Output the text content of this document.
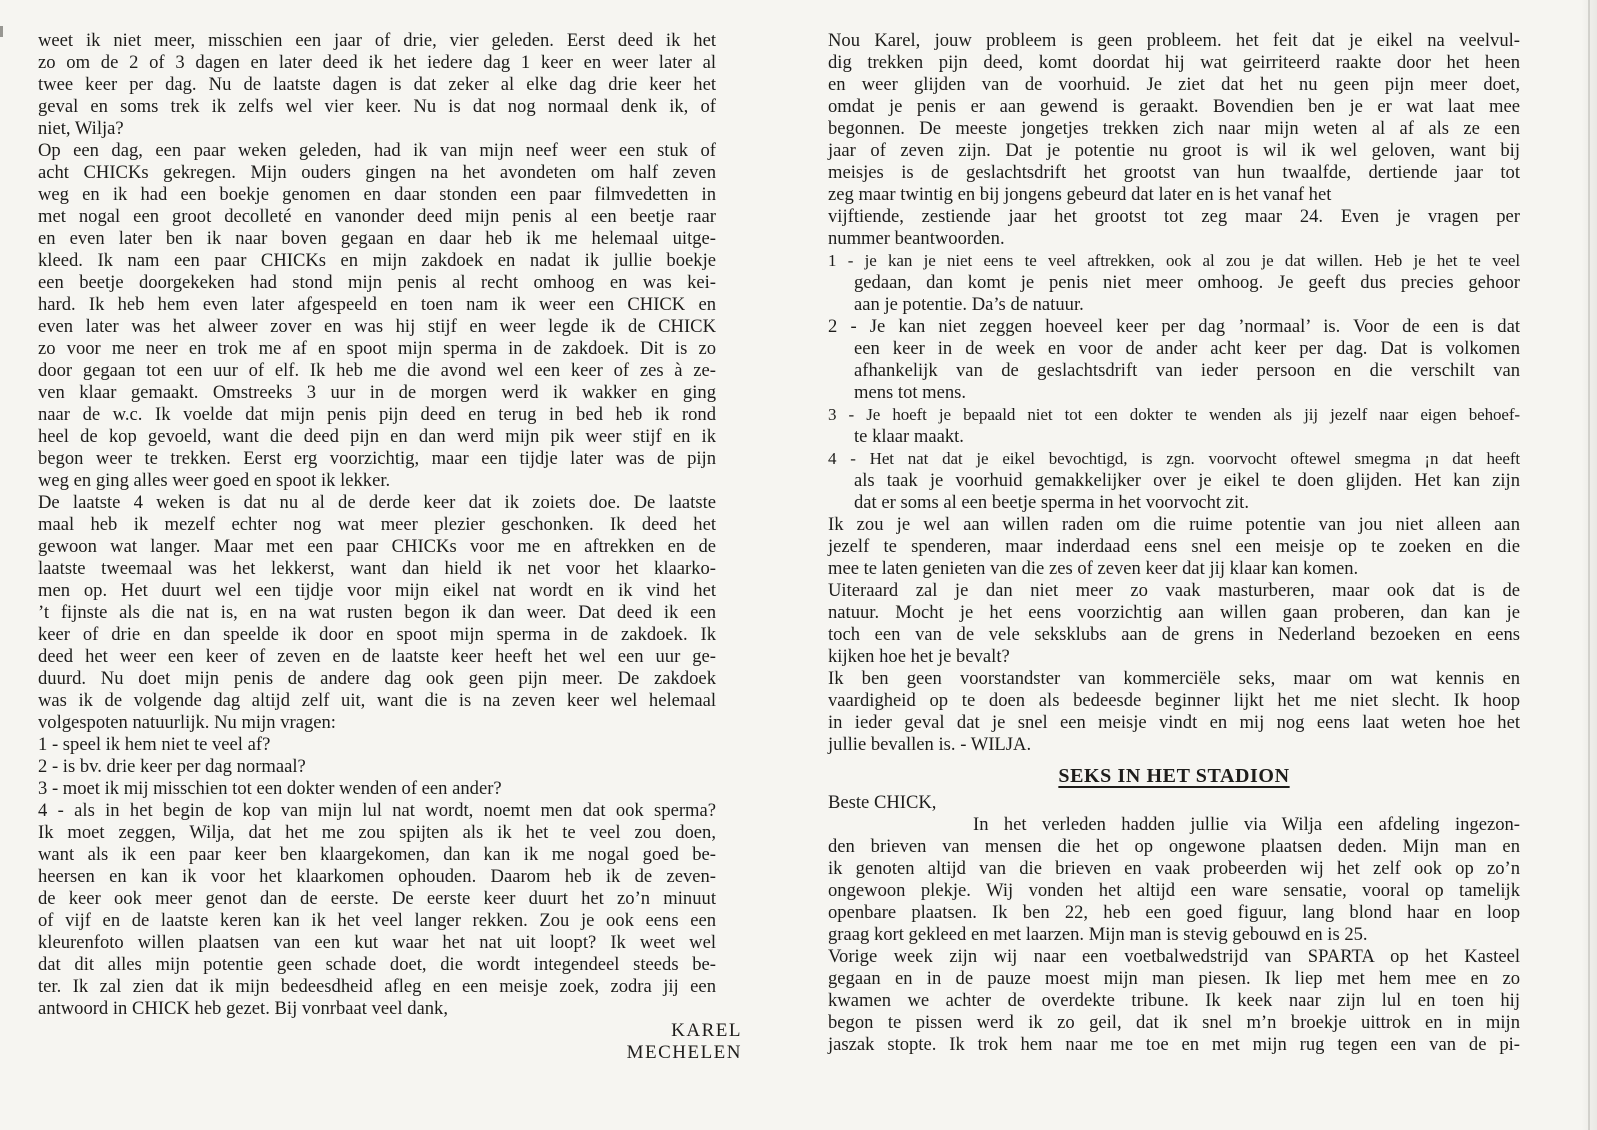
weet ik niet meer, misschien een jaar of drie, vier geleden. Eerst deed ik het
zo om de 2 of 3 dagen en later deed ik het iedere dag 1 keer en weer later al
twee keer per dag. Nu de laatste dagen is dat zeker al elke dag drie keer het
geval en soms trek ik zelfs wel vier keer. Nu is dat nog normaal denk ik, of
niet, Wilja?
Op een dag, een paar weken geleden, had ik van mijn neef weer een stuk of
acht CHICKs gekregen. Mijn ouders gingen na het avondeten om half zeven
weg en ik had een boekje genomen en daar stonden een paar filmvedetten in
met nogal een groot decolleté en vanonder deed mijn penis al een beetje raar
en even later ben ik naar boven gegaan en daar heb ik me helemaal uitge-
kleed. Ik nam een paar CHICKs en mijn zakdoek en nadat ik jullie boekje
een beetje doorgekeken had stond mijn penis al recht omhoog en was kei-
hard. Ik heb hem even later afgespeeld en toen nam ik weer een CHICK en
even later was het alweer zover en was hij stijf en weer legde ik de CHICK
zo voor me neer en trok me af en spoot mijn sperma in de zakdoek. Dit is zo
door gegaan tot een uur of elf. Ik heb me die avond wel een keer of zes à ze-
ven klaar gemaakt. Omstreeks 3 uur in de morgen werd ik wakker en ging
naar de w.c. Ik voelde dat mijn penis pijn deed en terug in bed heb ik rond
heel de kop gevoeld, want die deed pijn en dan werd mijn pik weer stijf en ik
begon weer te trekken. Eerst erg voorzichtig, maar een tijdje later was de pijn
weg en ging alles weer goed en spoot ik lekker.
De laatste 4 weken is dat nu al de derde keer dat ik zoiets doe. De laatste
maal heb ik mezelf echter nog wat meer plezier geschonken. Ik deed het
gewoon wat langer. Maar met een paar CHICKs voor me en aftrekken en de
laatste tweemaal was het lekkerst, want dan hield ik net voor het klaarko-
men op. Het duurt wel een tijdje voor mijn eikel nat wordt en ik vind het
’t fijnste als die nat is, en na wat rusten begon ik dan weer. Dat deed ik een
keer of drie en dan speelde ik door en spoot mijn sperma in de zakdoek. Ik
deed het weer een keer of zeven en de laatste keer heeft het wel een uur ge-
duurd. Nu doet mijn penis de andere dag ook geen pijn meer. De zakdoek
was ik de volgende dag altijd zelf uit, want die is na zeven keer wel helemaal
volgespoten natuurlijk. Nu mijn vragen:
1 - speel ik hem niet te veel af?
2 - is bv. drie keer per dag normaal?
3 - moet ik mij misschien tot een dokter wenden of een ander?
4 - als in het begin de kop van mijn lul nat wordt, noemt men dat ook sperma?
Ik moet zeggen, Wilja, dat het me zou spijten als ik het te veel zou doen,
want als ik een paar keer ben klaargekomen, dan kan ik me nogal goed be-
heersen en kan ik voor het klaarkomen ophouden. Daarom heb ik de zeven-
de keer ook meer genot dan de eerste. De eerste keer duurt het zo’n minuut
of vijf en de laatste keren kan ik het veel langer rekken. Zou je ook eens een
kleurenfoto willen plaatsen van een kut waar het nat uit loopt? Ik weet wel
dat dit alles mijn potentie geen schade doet, die wordt integendeel steeds be-
ter. Ik zal zien dat ik mijn bedeesdheid afleg en een meisje zoek, zodra jij een
antwoord in CHICK heb gezet. Bij vonrbaat veel dank,
KAREL
MECHELEN
Nou Karel, jouw probleem is geen probleem. het feit dat je eikel na veelvul-
dig trekken pijn deed, komt doordat hij wat geirriteerd raakte door het heen
en weer glijden van de voorhuid. Je ziet dat het nu geen pijn meer doet,
omdat je penis er aan gewend is geraakt. Bovendien ben je er wat laat mee
begonnen. De meeste jongetjes trekken zich naar mijn weten al af als ze een
jaar of zeven zijn. Dat je potentie nu groot is wil ik wel geloven, want bij
meisjes is de geslachtsdrift het grootst van hun twaalfde, dertiende jaar tot
zeg maar twintig en bij jongens gebeurd dat later en is het vanaf het
vijftiende, zestiende jaar het grootst tot zeg maar 24. Even je vragen per
nummer beantwoorden.
1 - je kan je niet eens te veel aftrekken, ook al zou je dat willen. Heb je het te veel
gedaan, dan komt je penis niet meer omhoog. Je geeft dus precies gehoor
aan je potentie. Da’s de natuur.
2 - Je kan niet zeggen hoeveel keer per dag ’normaal’ is. Voor de een is dat
een keer in de week en voor de ander acht keer per dag. Dat is volkomen
afhankelijk van de geslachtsdrift van ieder persoon en die verschilt van
mens tot mens.
3 - Je hoeft je bepaald niet tot een dokter te wenden als jij jezelf naar eigen behoef-
te klaar maakt.
4 - Het nat dat je eikel bevochtigd, is zgn. voorvocht oftewel smegma ¡n dat heeft
als taak je voorhuid gemakkelijker over je eikel te doen glijden. Het kan zijn
dat er soms al een beetje sperma in het voorvocht zit.
Ik zou je wel aan willen raden om die ruime potentie van jou niet alleen aan
jezelf te spenderen, maar inderdaad eens snel een meisje op te zoeken en die
mee te laten genieten van die zes of zeven keer dat jij klaar kan komen.
Uiteraard zal je dan niet meer zo vaak masturberen, maar ook dat is de
natuur. Mocht je het eens voorzichtig aan willen gaan proberen, dan kan je
toch een van de vele seksklubs aan de grens in Nederland bezoeken en eens
kijken hoe het je bevalt?
Ik ben geen voorstandster van kommerciële seks, maar om wat kennis en
vaardigheid op te doen als bedeesde beginner lijkt het me niet slecht. Ik hoop
in ieder geval dat je snel een meisje vindt en mij nog eens laat weten hoe het
jullie bevallen is. - WILJA.
SEKS IN HET STADION
Beste CHICK,
In het verleden hadden jullie via Wilja een afdeling ingezon-
den brieven van mensen die het op ongewone plaatsen deden. Mijn man en
ik genoten altijd van die brieven en vaak probeerden wij het zelf ook op zo’n
ongewoon plekje. Wij vonden het altijd een ware sensatie, vooral op tamelijk
openbare plaatsen. Ik ben 22, heb een goed figuur, lang blond haar en loop
graag kort gekleed en met laarzen. Mijn man is stevig gebouwd en is 25.
Vorige week zijn wij naar een voetbalwedstrijd van SPARTA op het Kasteel
gegaan en in de pauze moest mijn man piesen. Ik liep met hem mee en zo
kwamen we achter de overdekte tribune. Ik keek naar zijn lul en toen hij
begon te pissen werd ik zo geil, dat ik snel m’n broekje uittrok en in mijn
jaszak stopte. Ik trok hem naar me toe en met mijn rug tegen een van de pi-
